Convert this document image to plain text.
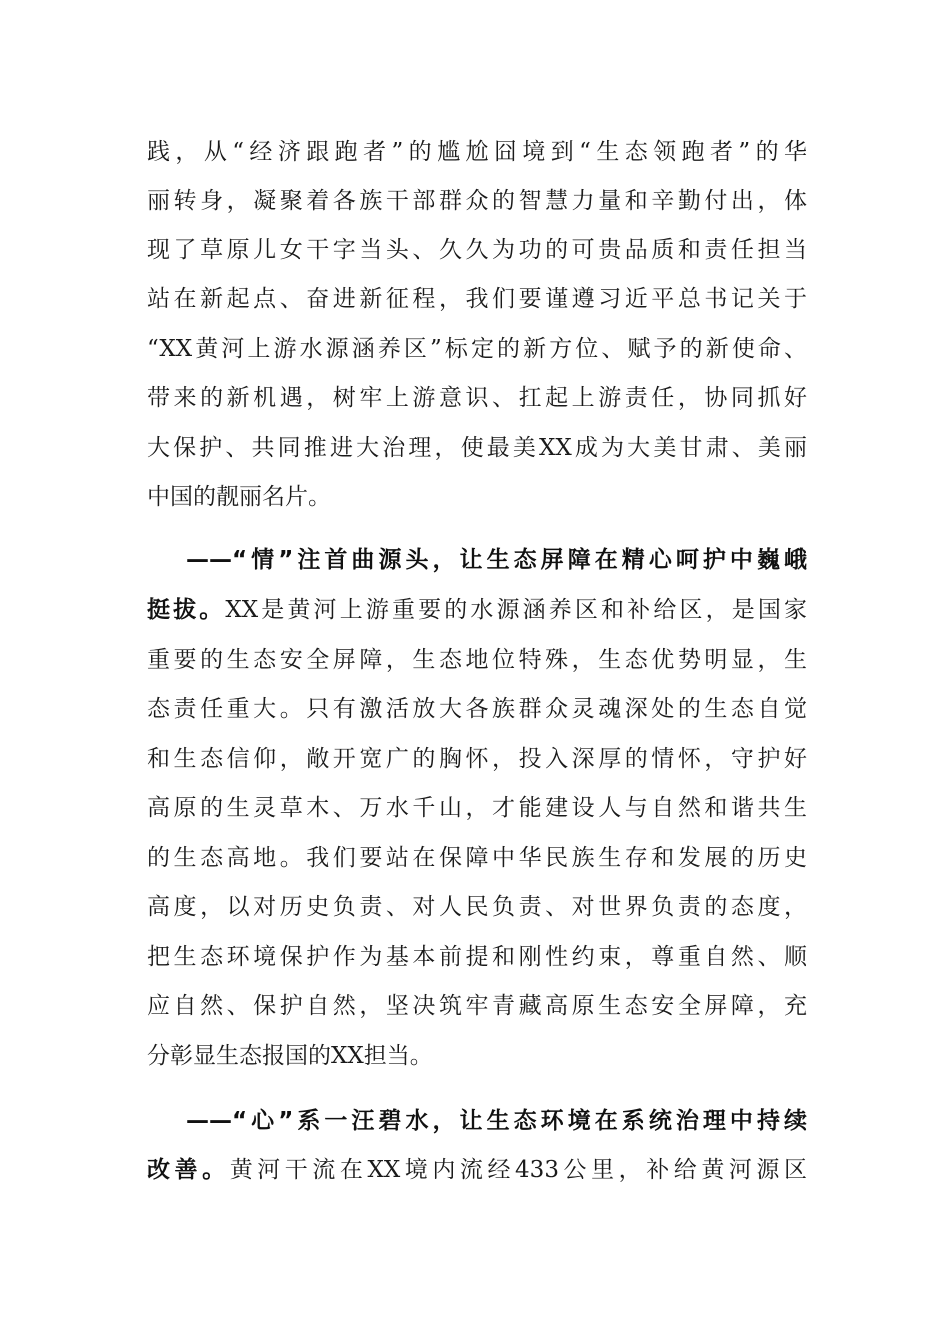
践，从“经济跟跑者”的尴尬囧境到“生态领跑者”的华
丽转身，凝聚着各族干部群众的智慧力量和辛勤付出，体
现了草原儿女干字当头、久久为功的可贵品质和责任担当
站在新起点、奋进新征程，我们要谨遵习近平总书记关于
“XX黄河上游水源涵养区”标定的新方位、赋予的新使命、
带来的新机遇，树牢上游意识、扛起上游责任，协同抓好
大保护、共同推进大治理，使最美XX成为大美甘肃、美丽
中国的靓丽名片。
——“情”注首曲源头，让生态屏障在精心呵护中巍峨
挺拔。XX是黄河上游重要的水源涵养区和补给区，是国家
重要的生态安全屏障，生态地位特殊，生态优势明显，生
态责任重大。只有激活放大各族群众灵魂深处的生态自觉
和生态信仰，敞开宽广的胸怀，投入深厚的情怀，守护好
高原的生灵草木、万水千山，才能建设人与自然和谐共生
的生态高地。我们要站在保障中华民族生存和发展的历史
高度，以对历史负责、对人民负责、对世界负责的态度，
把生态环境保护作为基本前提和刚性约束，尊重自然、顺
应自然、保护自然，坚决筑牢青藏高原生态安全屏障，充
分彰显生态报国的XX担当。
——“心”系一汪碧水，让生态环境在系统治理中持续
改善。黄河干流在XX境内流经433公里，补给黄河源区
